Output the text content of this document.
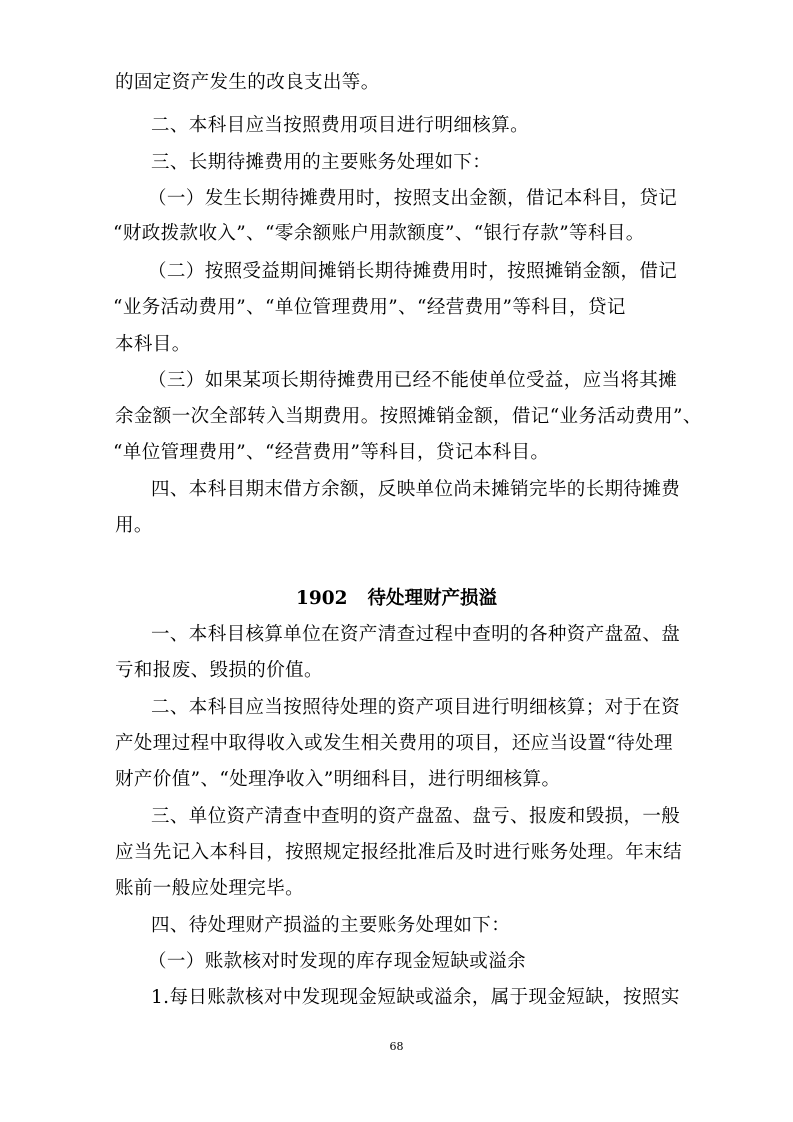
的固定资产发生的改良支出等。
二、本科目应当按照费用项目进行明细核算。
三、长期待摊费用的主要账务处理如下：
（一）发生长期待摊费用时，按照支出金额，借记本科目，贷记
“财政拨款收入”、“零余额账户用款额度”、“银行存款”等科目。
（二）按照受益期间摊销长期待摊费用时，按照摊销金额，借记
“业务活动费用”、“单位管理费用”、“经营费用”等科目，贷记
本科目。
（三）如果某项长期待摊费用已经不能使单位受益，应当将其摊
余金额一次全部转入当期费用。按照摊销金额，借记“业务活动费用”、
“单位管理费用”、“经营费用”等科目，贷记本科目。
四、本科目期末借方余额，反映单位尚未摊销完毕的长期待摊费
用。
1902 待处理财产损溢
一、本科目核算单位在资产清查过程中查明的各种资产盘盈、盘
亏和报废、毁损的价值。
二、本科目应当按照待处理的资产项目进行明细核算；对于在资
产处理过程中取得收入或发生相关费用的项目，还应当设置“待处理
财产价值”、“处理净收入”明细科目，进行明细核算。
三、单位资产清查中查明的资产盘盈、盘亏、报废和毁损，一般
应当先记入本科目，按照规定报经批准后及时进行账务处理。年末结
账前一般应处理完毕。
四、待处理财产损溢的主要账务处理如下：
（一）账款核对时发现的库存现金短缺或溢余
1.每日账款核对中发现现金短缺或溢余，属于现金短缺，按照实
68
